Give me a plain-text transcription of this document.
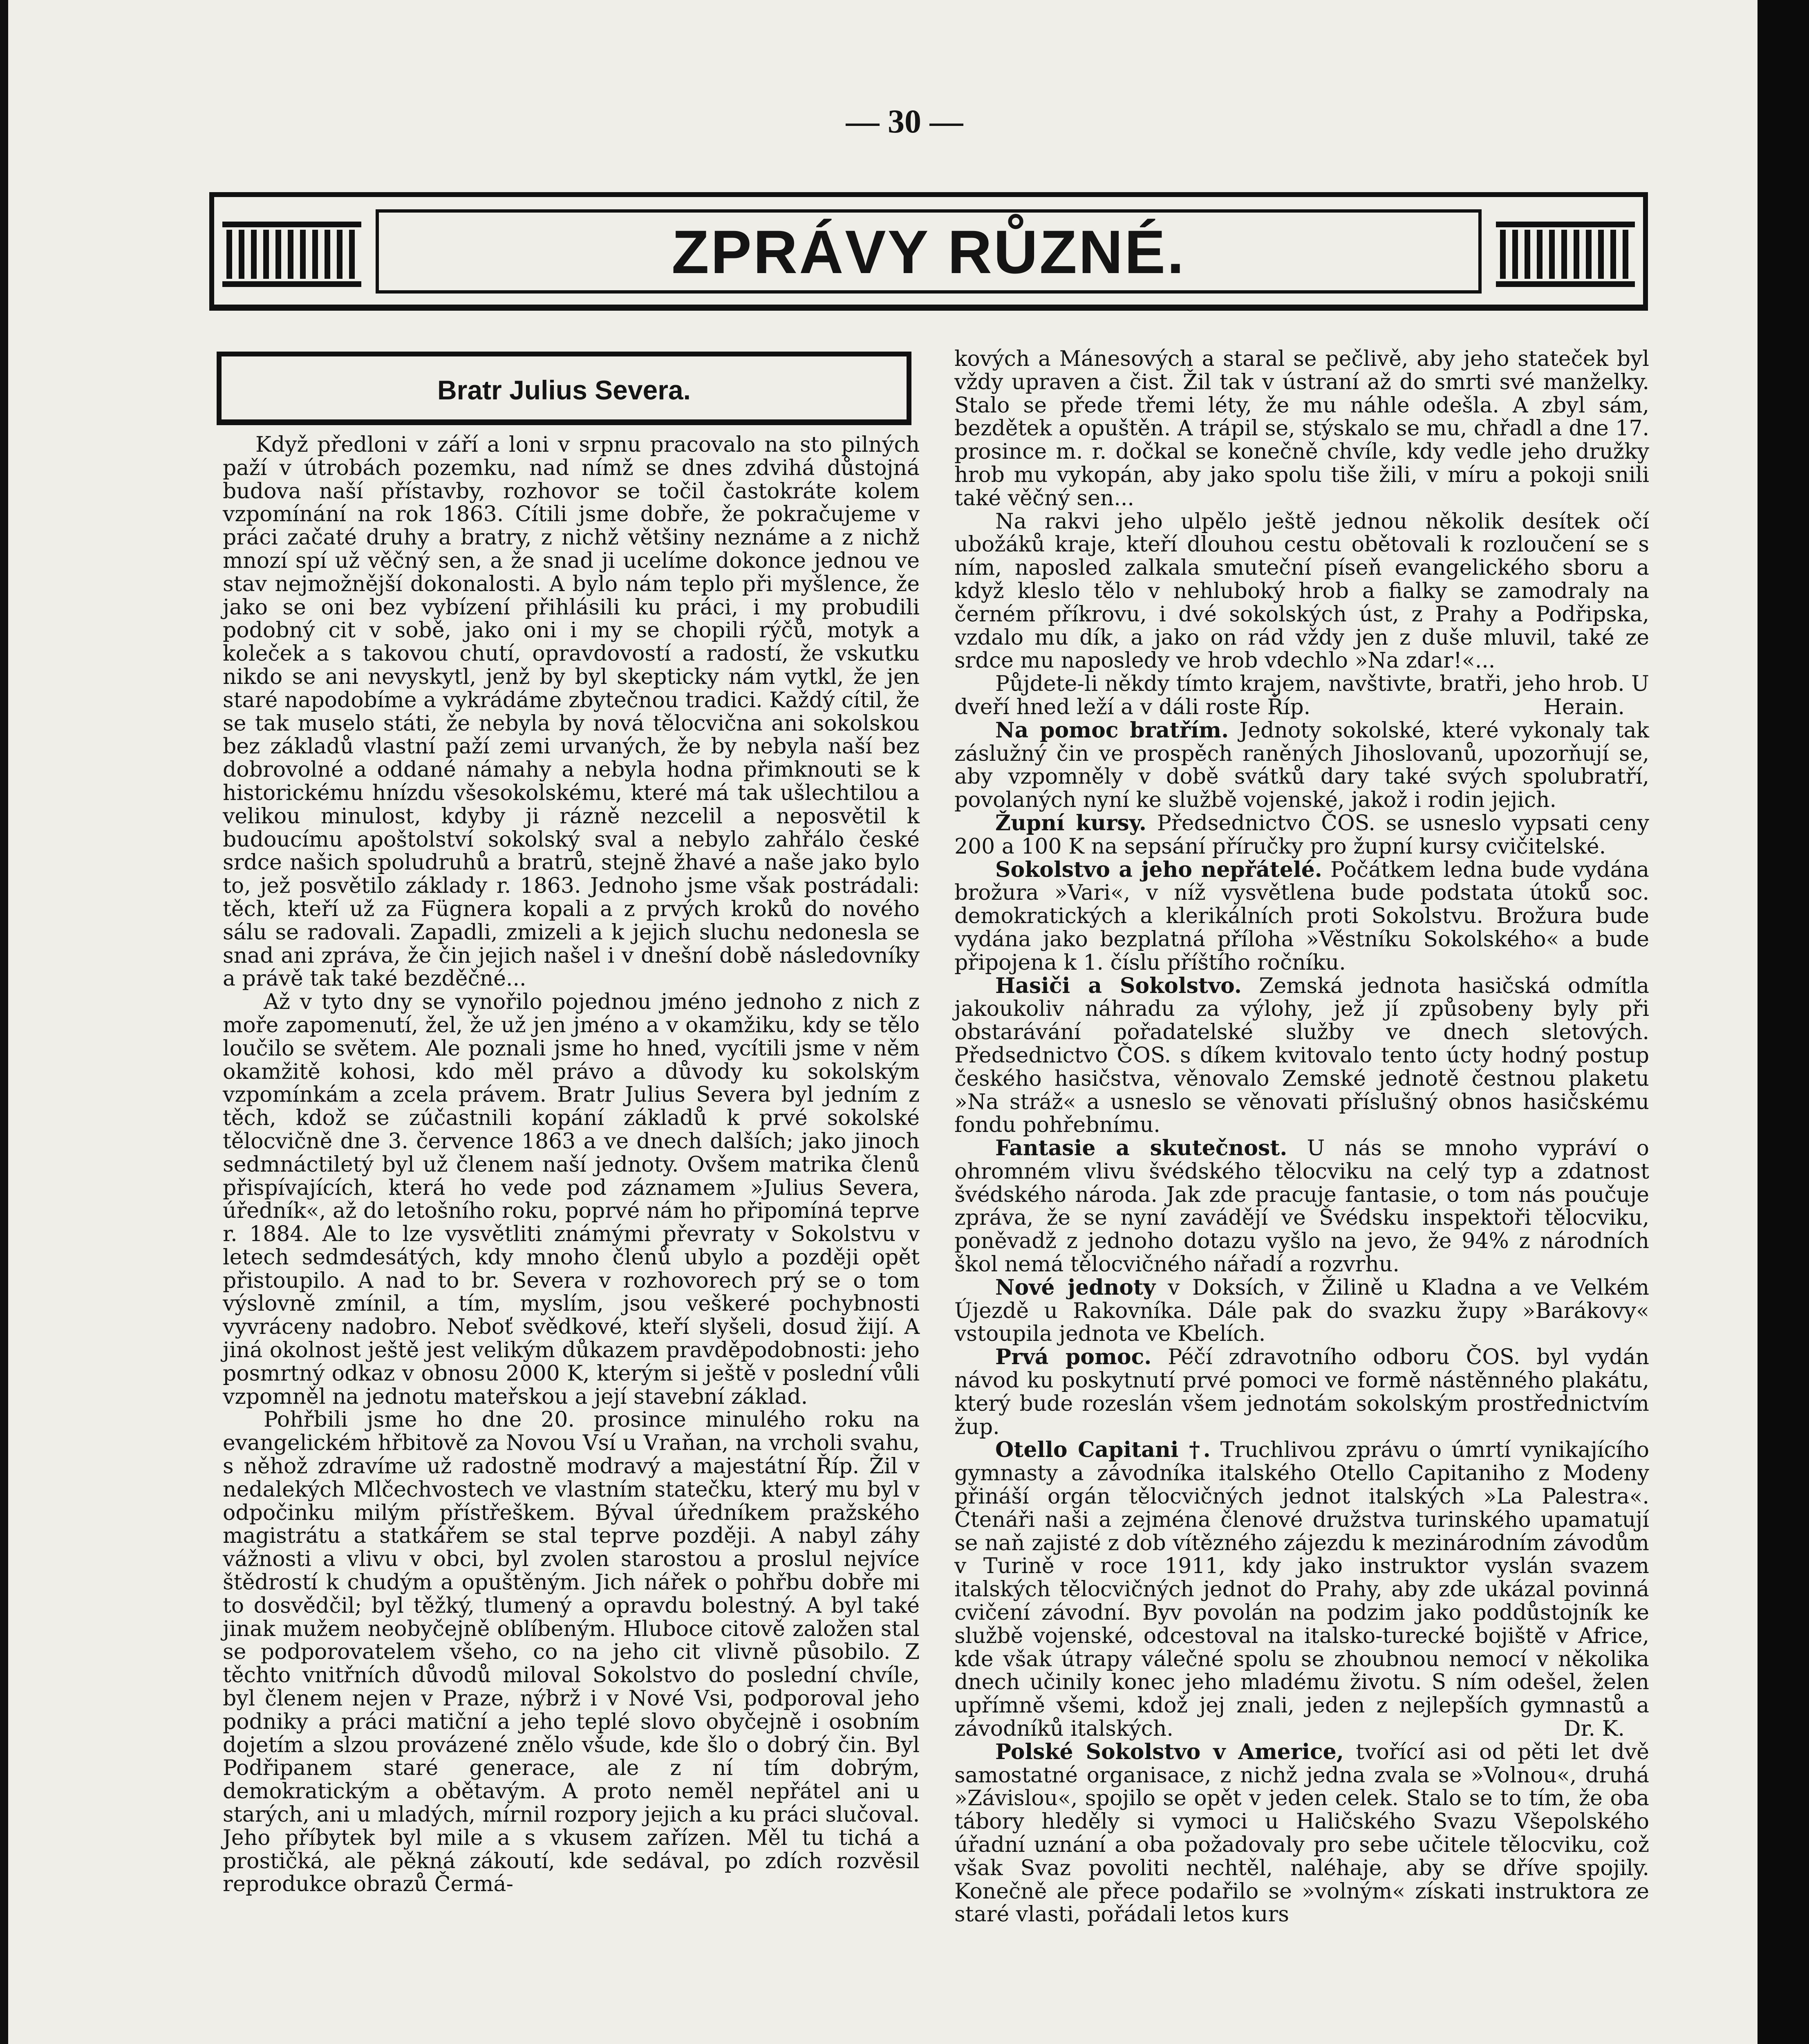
— 30 —
ZPRÁVY RŮZNÉ.
Bratr Julius Severa.

Když předloni v září a loni v srpnu pracovalo na sto pilných paží v útrobách pozemku, nad nímž se dnes zdvihá důstojná budova naší přístavby, rozhovor se točil častokráte kolem vzpomínání na rok 1863. Cítili jsme dobře, že pokračujeme v práci začaté druhy a bratry, z nichž většiny neznáme a z nichž mnozí spí už věčný sen, a že snad ji ucelíme dokonce jednou ve stav nejmožnější dokonalosti. A bylo nám teplo při myšlence, že jako se oni bez vybízení přihlásili ku práci, i my probudili podobný cit v sobě, jako oni i my se chopili rýčů, motyk a koleček a s takovou chutí, opravdovostí a radostí, že vskutku nikdo se ani nevyskytl, jenž by byl skepticky nám vytkl, že jen staré napodobíme a vykrádáme zbytečnou tradici. Každý cítil, že se tak muselo státi, že nebyla by nová tělocvična ani sokolskou bez základů vlastní paží zemi urvaných, že by nebyla naší bez dobrovolné a oddané námahy a nebyla hodna přimknouti se k historickému hnízdu všesokolskému, které má tak ušlechtilou a velikou minulost, kdyby ji rázně nezcelil a neposvětil k budoucímu apoštolství sokolský sval a nebylo zahřálo české srdce našich spoludruhů a bratrů, stejně žhavé a naše jako bylo to, jež posvětilo základy r. 1863. Jednoho jsme však postrádali: těch, kteří už za Fügnera kopali a z prvých kroků do nového sálu se radovali. Zapadli, zmizeli a k jejich sluchu nedonesla se snad ani zpráva, že čin jejich našel i v dnešní době následovníky a právě tak také bezděčné...

Až v tyto dny se vynořilo pojednou jméno jednoho z nich z moře zapomenutí, žel, že už jen jméno a v okamžiku, kdy se tělo loučilo se světem. Ale poznali jsme ho hned, vycítili jsme v něm okamžitě kohosi, kdo měl právo a důvody ku sokolským vzpomínkám a zcela právem. Bratr Julius Severa byl jedním z těch, kdož se zúčastnili kopání základů k prvé sokolské tělocvičně dne 3. července 1863 a ve dnech dalších; jako jinoch sedmnáctiletý byl už členem naší jednoty. Ovšem matrika členů přispívajících, která ho vede pod záznamem »Julius Severa, úředník«, až do letošního roku, poprvé nám ho připomíná teprve r. 1884. Ale to lze vysvětliti známými převraty v Sokolstvu v letech sedmdesátých, kdy mnoho členů ubylo a později opět přistoupilo. A nad to br. Severa v rozhovorech prý se o tom výslovně zmínil, a tím, myslím, jsou veškeré pochybnosti vyvráceny nadobro. Neboť svědkové, kteří slyšeli, dosud žijí. A jiná okolnost ještě jest velikým důkazem pravděpodobnosti: jeho posmrtný odkaz v obnosu 2000 K, kterým si ještě v poslední vůli vzpomněl na jednotu mateřskou a její stavební základ.

Pohřbili jsme ho dne 20. prosince minulého roku na evangelickém hřbitově za Novou Vsí u Vraňan, na vrcholi svahu, s něhož zdravíme už radostně modravý a majestátní Říp. Žil v nedalekých Mlčechvostech ve vlastním statečku, který mu byl v odpočinku milým přístřeškem. Býval úředníkem pražského magistrátu a statkářem se stal teprve později. A nabyl záhy vážnosti a vlivu v obci, byl zvolen starostou a proslul nejvíce štědrostí k chudým a opuštěným. Jich nářek o pohřbu dobře mi to dosvědčil; byl těžký, tlumený a opravdu bolestný. A byl také jinak mužem neobyčejně oblíbeným. Hluboce citově založen stal se podporovatelem všeho, co na jeho cit vlivně působilo. Z těchto vnitřních důvodů miloval Sokolstvo do poslední chvíle, byl členem nejen v Praze, nýbrž i v Nové Vsi, podporoval jeho podniky a práci matiční a jeho teplé slovo obyčejně i osobním dojetím a slzou provázené znělo všude, kde šlo o dobrý čin. Byl Podřipanem staré generace, ale z ní tím dobrým, demokratickým a obětavým. A proto neměl nepřátel ani u starých, ani u mladých, mírnil rozpory jejich a ku práci slučoval. Jeho příbytek byl mile a s vkusem zařízen. Měl tu tichá a prostičká, ale pěkná zákoutí, kde sedával, po zdích rozvěsil reprodukce obrazů Čermá-

kových a Mánesových a staral se pečlivě, aby jeho stateček byl vždy upraven a čist. Žil tak v ústraní až do smrti své manželky. Stalo se předе třemi léty, že mu náhle odešla. A zbyl sám, bezdětek a opuštěn. A trápil se, stýskalo se mu, chřadl a dne 17. prosince m. r. dočkal se konečně chvíle, kdy vedle jeho družky hrob mu vykopán, aby jako spolu tiše žili, v míru a pokoji snili také věčný sen...

Na rakvi jeho ulpělo ještě jednou několik desítek očí ubožáků kraje, kteří dlouhou cestu obětovali k rozloučení se s ním, naposled zalkala smuteční píseň evangelického sboru a když kleslo tělo v nehluboký hrob a fialky se zamodraly na černém příkrovu, i dvé sokolských úst, z Prahy a Podřipska, vzdalo mu dík, a jako on rád vždy jen z duše mluvil, také ze srdce mu naposledy ve hrob vdechlo »Na zdar!«...

Půjdete-li někdy tímto krajem, navštivte, bratři, jeho hrob. U dveří hned leží a v dáli roste Říp.	Herain.

Na pomoc bratřím. Jednoty sokolské, které vykonaly tak záslužný čin ve prospěch raněných Jihoslovanů, upozorňují se, aby vzpomněly v době svátků dary také svých spolubratří, povolaných nyní ke službě vojenské, jakož i rodin jejich.

Župní kursy. Předsednictvo ČOS. se usneslo vypsati ceny 200 a 100 K na sepsání příručky pro župní kursy cvičitelské.

Sokolstvo a jeho nepřátelé. Počátkem ledna bude vydána brožura »Vari«, v níž vysvětlena bude podstata útoků soc. demokratických a klerikálních proti Sokolstvu. Brožura bude vydána jako bezplatná příloha »Věstníku Sokolského« a bude připojena k 1. číslu příštího ročníku.

Hasiči a Sokolstvo. Zemská jednota hasičská odmítla jakoukoliv náhradu za výlohy, jež jí způsobeny byly při obstarávání pořadatelské služby ve dnech sletových. Předsednictvo ČOS. s díkem kvitovalo tento úcty hodný postup českého hasičstva, věnovalo Zemské jednotě čestnou plaketu »Na stráž« a usneslo se věnovati příslušný obnos hasičskému fondu pohřebnímu.

Fantasie a skutečnost. U nás se mnoho vypráví o ohromném vlivu švédského tělocviku na celý typ a zdatnost švédského národa. Jak zde pracuje fantasie, o tom nás poučuje zpráva, že se nyní zavádějí ve Švédsku inspektoři tělocviku, poněvadž z jednoho dotazu vyšlo na jevo, že 94% z národních škol nemá tělocvičného nářadí a rozvrhu.

Nové jednoty v Doksích, v Žilině u Kladna a ve Velkém Újezdě u Rakovníka. Dále pak do svazku župy »Barákovy« vstoupila jednota ve Kbelích.

Prvá pomoc. Péčí zdravotního odboru ČOS. byl vydán návod ku poskytnutí prvé pomoci ve formě nástěnného plakátu, který bude rozeslán všem jednotám sokolským prostřednictvím žup.

Otello Capitani †. Truchlivou zprávu o úmrtí vynikajícího gymnasty a závodníka italského Otello Capitaniho z Modeny přináší orgán tělocvičných jednot italských »La Palestra«. Čtenáři naši a zejména členové družstva turinského upamatují se naň zajisté z dob vítězného zájezdu k mezinárodním závodům v Turině v roce 1911, kdy jako instruktor vyslán svazem italských tělocvičných jednot do Prahy, aby zde ukázal povinná cvičení závodní. Byv povolán na podzim jako poddůstojník ke službě vojenské, odcestoval na italsko-turecké bojiště v Africe, kde však útrapy válečné spolu se zhoubnou nemocí v několika dnech učinily konec jeho mladému životu. S ním odešel, želen upřímně všemi, kdož jej znali, jeden z nejlepších gymnastů a závodníků italských.	Dr. K.

Polské Sokolstvo v Americe, tvořící asi od pěti let dvě samostatné organisace, z nichž jedna zvala se »Volnou«, druhá »Závislou«, spojilo se opět v jeden celek. Stalo se to tím, že oba tábory hleděly si vymoci u Haličského Svazu Všepolského úřadní uznání a oba požadovaly pro sebe učitele tělocviku, což však Svaz povoliti nechtěl, naléhaje, aby se dříve spojily. Konečně ale přece podařilo se »volným« získati instruktora ze staré vlasti, pořádali letos kurs
